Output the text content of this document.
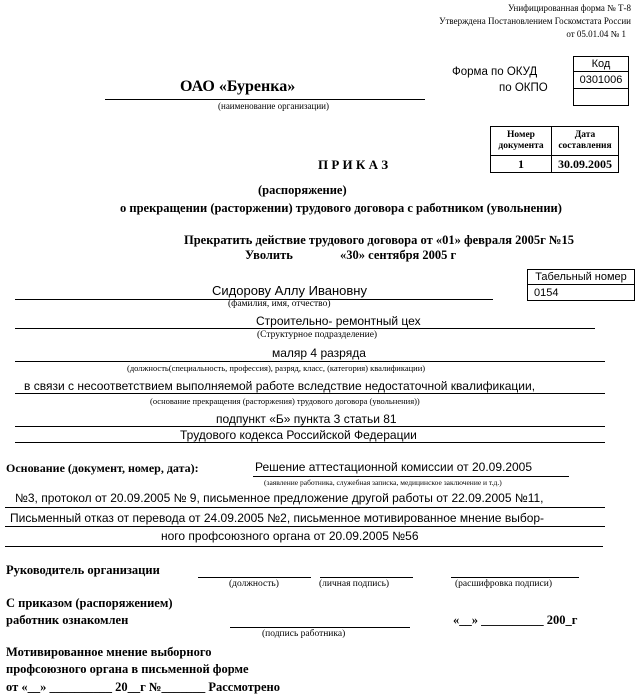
Унифицированная форма № Т-8
Утверждена Постановлением Госкомстата России
от 05.01.04 № 1
Код
0301006

Форма по ОКУД
по ОКПО
ОАО «Буренка»
(наименование организации)
Номер документа	Дата составления
1	30.09.2005
П Р И К А З
(распоряжение)
о прекращении (расторжении) трудового договора с работником (увольнении)
Прекратить действие трудового договора от «01» февраля 2005г №15
Уволить	«30» сентября 2005 г
Табельный номер
0154
Сидорову Аллу Ивановну
(фамилия, имя, отчество)
Строительно- ремонтный цех
(Структурное подразделение)
маляр 4 разряда
(должность(специальность, профессия), разряд, класс, (категория) квалификации)
в связи с несоответствием выполняемой работе вследствие недостаточной квалификации,
(основание прекращения (расторжения) трудового договора (увольнения))
подпункт «Б» пункта 3 статьи 81
Трудового кодекса Российской Федерации
Основание (документ, номер, дата):	Решение аттестационной комиссии от 20.09.2005
(заявление работника, служебная записка, медицинское заключение и т.д.)
№3, протокол от 20.09.2005 № 9, письменное предложение другой работы от 22.09.2005 №11,
Письменный отказ от перевода от 24.09.2005 №2, письменное мотивированное мнение выбор-
ного профсоюзного органа от 20.09.2005 №56
Руководитель организации
(должность)	(личная подпись)	(расшифровка подписи)
С приказом (распоряжением)
работник ознакомлен
(подпись работника)
«__» __________ 200_г
Мотивированное мнение выборного
профсоюзного органа в письменной форме
от «__» __________ 20__г №_______ Рассмотрено
